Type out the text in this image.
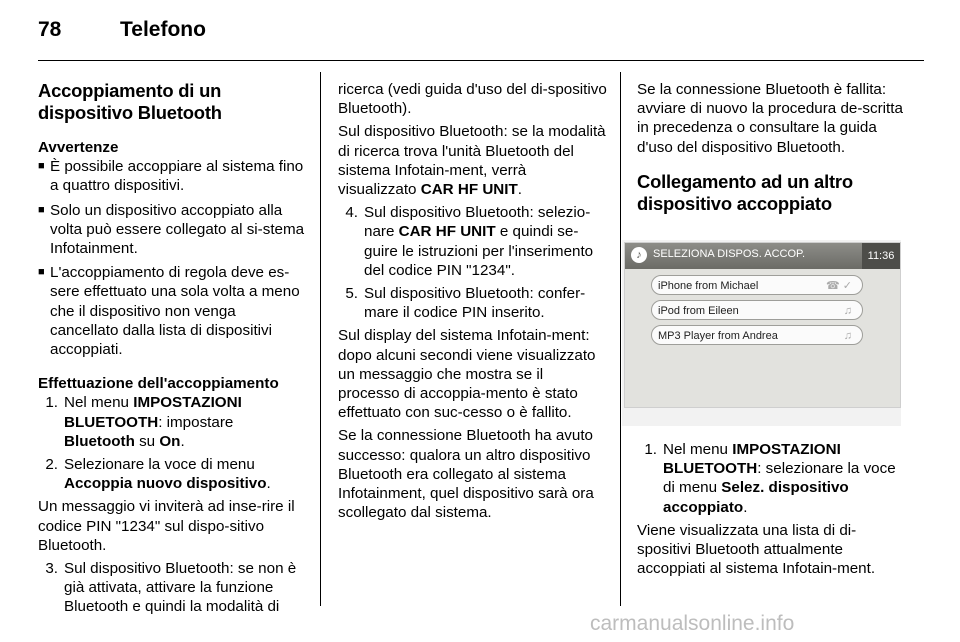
78	Telefono

Accoppiamento di un dispositivo Bluetooth

Avvertenze

■ È possibile accoppiare al sistema fino a quattro dispositivi.
■ Solo un dispositivo accoppiato alla volta può essere collegato al si-stema Infotainment.
■ L'accoppiamento di regola deve es-sere effettuato una sola volta a meno che il dispositivo non venga cancellato dalla lista di dispositivi accoppiati.

Effettuazione dell'accoppiamento

1. Nel menu IMPOSTAZIONI BLUETOOTH: impostare Bluetooth su On.
2. Selezionare la voce di menu Accoppia nuovo dispositivo.

Un messaggio vi inviterà ad inse-rire il codice PIN "1234" sul dispo-sitivo Bluetooth.

3. Sul dispositivo Bluetooth: se non è già attivata, attivare la funzione Bluetooth e quindi la modalità di

ricerca (vedi guida d'uso del di-spositivo Bluetooth).

Sul dispositivo Bluetooth: se la modalità di ricerca trova l'unità Bluetooth del sistema Infotain-ment, verrà visualizzato CAR HF UNIT.

4. Sul dispositivo Bluetooth: selezio-nare CAR HF UNIT e quindi se-guire le istruzioni per l'inserimento del codice PIN "1234".
5. Sul dispositivo Bluetooth: confer-mare il codice PIN inserito.

Sul display del sistema Infotain-ment: dopo alcuni secondi viene visualizzato un messaggio che mostra se il processo di accoppia-mento è stato effettuato con suc-cesso o è fallito.

Se la connessione Bluetooth ha avuto successo: qualora un altro dispositivo Bluetooth era collegato al sistema Infotainment, quel dispositivo sarà ora scollegato dal sistema.

Se la connessione Bluetooth è fallita: avviare di nuovo la procedura de-scritta in precedenza o consultare la guida d'uso del dispositivo Bluetooth.

Collegamento ad un altro dispositivo accoppiato

♪	SELEZIONA DISPOS. ACCOP.	11:36
iPhone from Michael	☎ ✓
iPod from Eileen	♫
MP3 Player from Andrea	♫
1. Nel menu IMPOSTAZIONI BLUETOOTH: selezionare la voce di menu Selez. dispositivo accoppiato.

Viene visualizzata una lista di di-spositivi Bluetooth attualmente accoppiati al sistema Infotain-ment.

carmanualsonline.info
